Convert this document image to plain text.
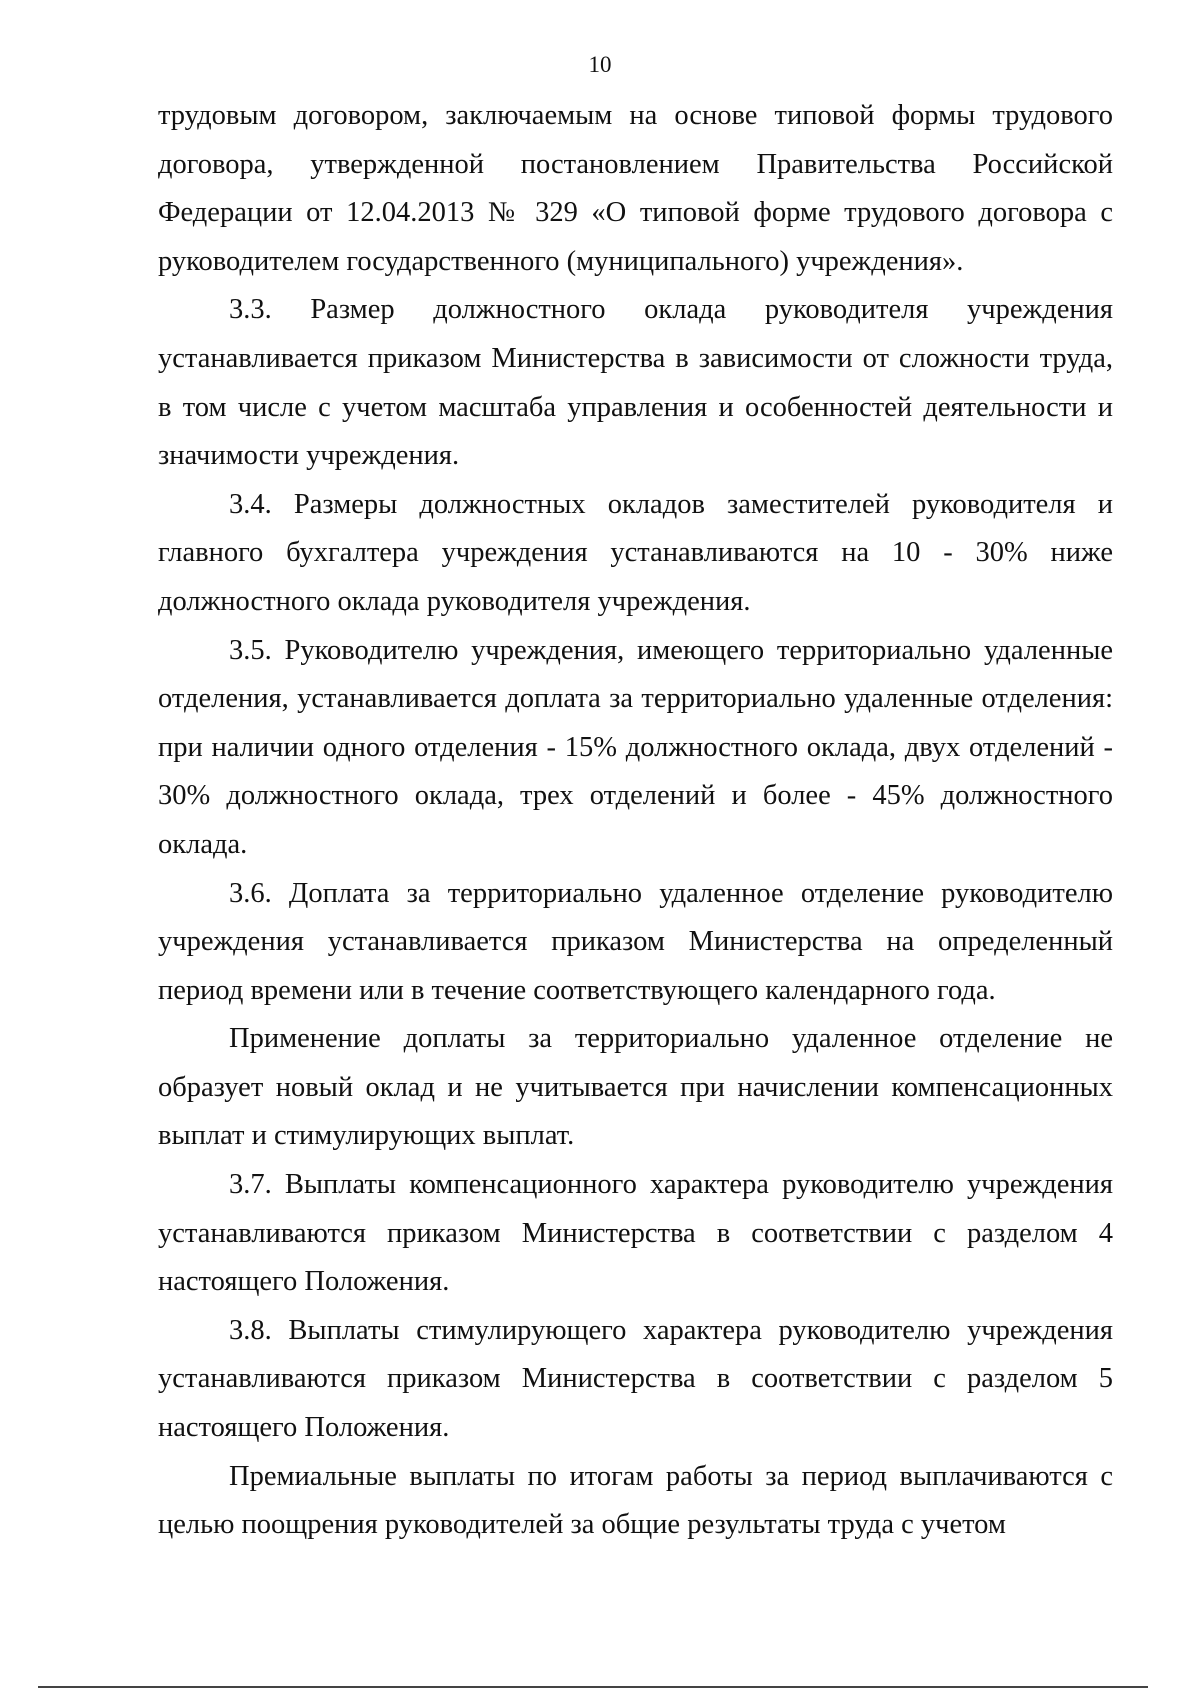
10

трудовым договором, заключаемым на основе типовой формы трудового договора, утвержденной постановлением Правительства Российской Федерации от 12.04.2013 № 329 «О типовой форме трудового договора с руководителем государственного (муниципального) учреждения».

3.3. Размер должностного оклада руководителя учреждения устанавливается приказом Министерства в зависимости от сложности труда, в том числе с учетом масштаба управления и особенностей деятельности и значимости учреждения.

3.4. Размеры должностных окладов заместителей руководителя и главного бухгалтера учреждения устанавливаются на 10 - 30% ниже должностного оклада руководителя учреждения.

3.5. Руководителю учреждения, имеющего территориально удаленные отделения, устанавливается доплата за территориально удаленные отделения: при наличии одного отделения - 15% должностного оклада, двух отделений - 30% должностного оклада, трех отделений и более - 45% должностного оклада.

3.6. Доплата за территориально удаленное отделение руководителю учреждения устанавливается приказом Министерства на определенный период времени или в течение соответствующего календарного года.

Применение доплаты за территориально удаленное отделение не образует новый оклад и не учитывается при начислении компенсационных выплат и стимулирующих выплат.

3.7. Выплаты компенсационного характера руководителю учреждения устанавливаются приказом Министерства в соответствии с разделом 4 настоящего Положения.

3.8. Выплаты стимулирующего характера руководителю учреждения устанавливаются приказом Министерства в соответствии с разделом 5 настоящего Положения.

Премиальные выплаты по итогам работы за период выплачиваются с целью поощрения руководителей за общие результаты труда с учетом
